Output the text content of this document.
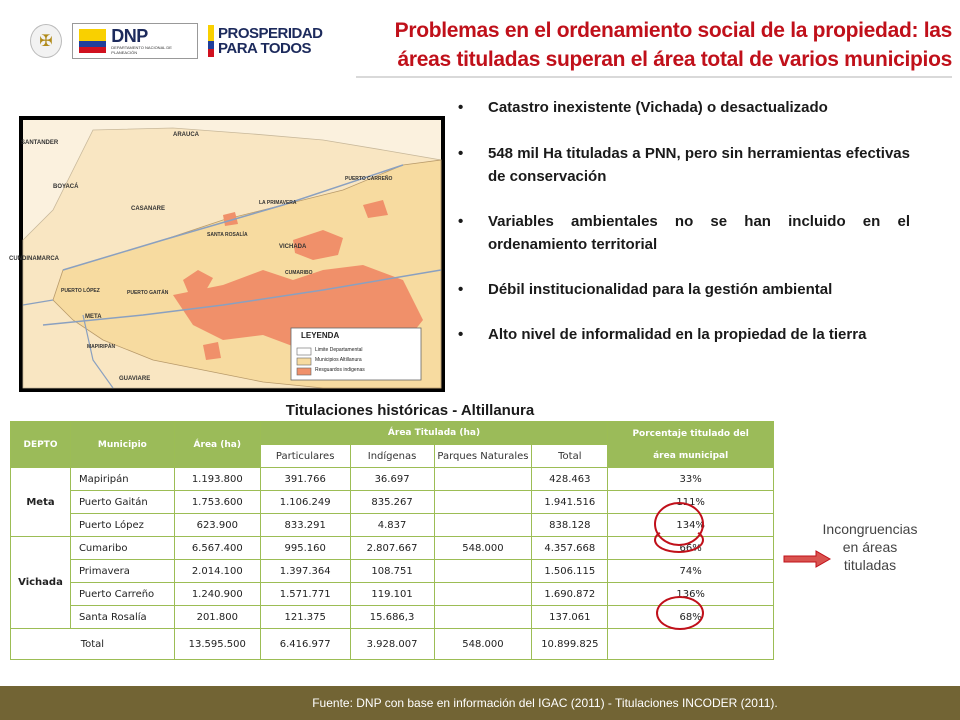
✠	DNP
DEPARTAMENTO NACIONAL DE PLANEACIÓN
PROSPERIDAD
PARA TODOS
Problemas en el ordenamiento social de la propiedad: las
áreas tituladas superan el área total de varios municipios
ARAUCA
SANTANDER
BOYACÁ
CASANARE
CUNDINAMARCA
PUERTO CARREÑO
LA PRIMAVERA
SANTA ROSALÍA
VICHADA
CUMARIBO
PUERTO LÓPEZ	PUERTO GAITÁN
META
MAPIRIPÁN
GUAVIARE
LEYENDA
Limite Departamental
Municipios Altillanura
Resguardos indigenas
• Catastro inexistente (Vichada) o desactualizado
• 548 mil Ha tituladas a PNN, pero sin herramientas efectivas de conservación
• Variables ambientales no se han incluido en el ordenamiento territorial
• Débil institucionalidad para la gestión ambiental
• Alto nivel de informalidad en la propiedad de la tierra
Titulaciones históricas - Altillanura
DEPTO	Municipio	Área (ha)	Área Titulada (ha)				Porcentaje titulado del
área municipal

			Particulares	Indígenas	Parques Naturales	Total	
Meta	Mapiripán	1.193.800	391.766	36.697		428.463	33%
	Puerto Gaitán	1.753.600	1.106.249	835.267		1.941.516	111%
	Puerto López	623.900	833.291	4.837		838.128	134%
Vichada	Cumaribo	6.567.400	995.160	2.807.667	548.000	4.357.668	66%
	Primavera	2.014.100	1.397.364	108.751		1.506.115	74%
	Puerto Carreño	1.240.900	1.571.771	119.101		1.690.872	136%
	Santa Rosalía	201.800	121.375	15.686,3		137.061	68%
Total		13.595.500	6.416.977	3.928.007	548.000	10.899.825	
Incongruencias
en áreas
tituladas
Fuente: DNP con base en información del IGAC (2011) - Titulaciones INCODER (2011).
